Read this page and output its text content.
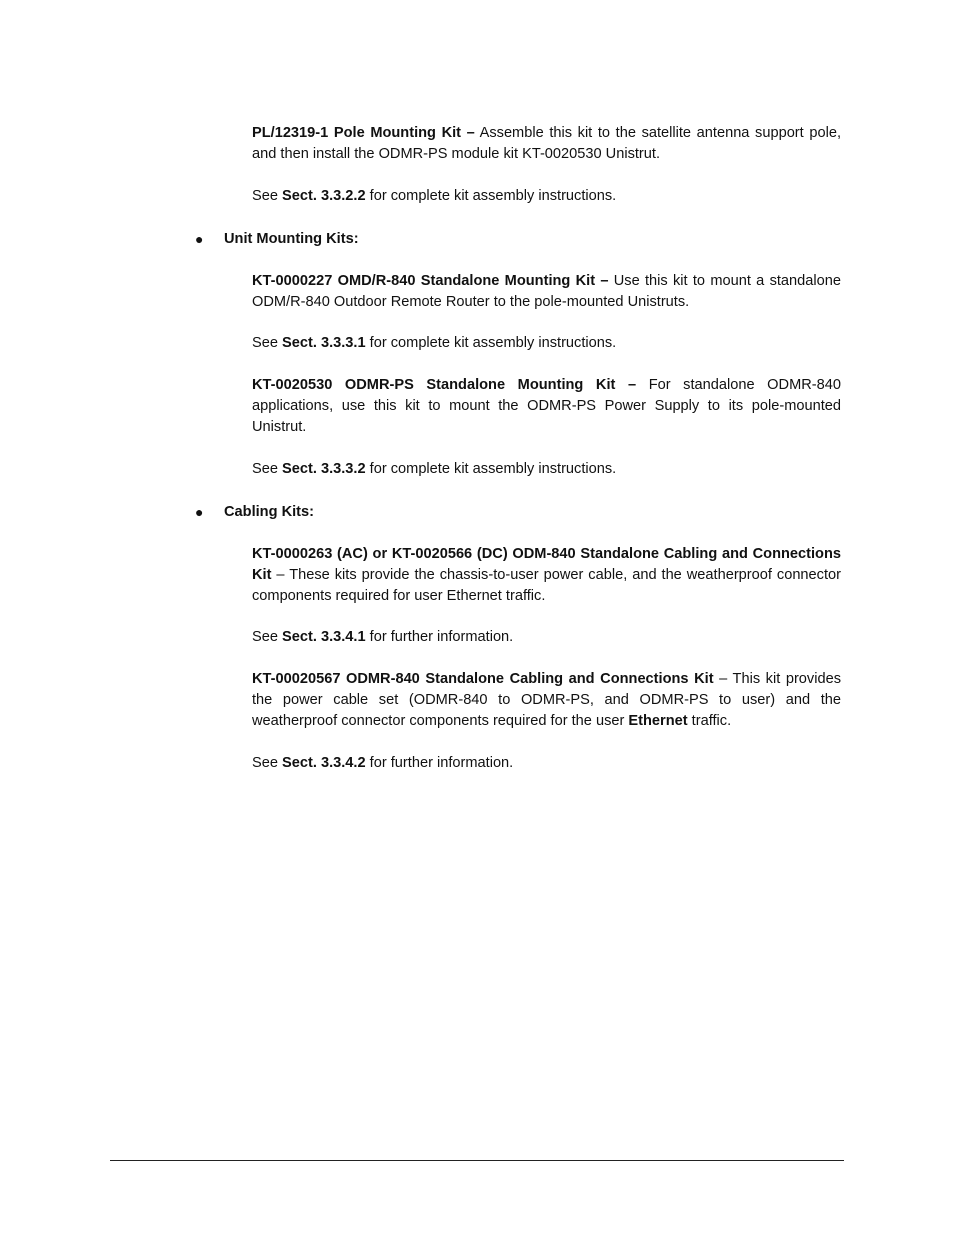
PL/12319-1 Pole Mounting Kit – Assemble this kit to the satellite antenna support pole, and then install the ODMR-PS module kit KT-0020530 Unistrut.

See Sect. 3.3.2.2 for complete kit assembly instructions.

●	Unit Mounting Kits:

KT-0000227 OMD/R-840 Standalone Mounting Kit – Use this kit to mount a standalone ODM/R-840 Outdoor Remote Router to the pole-mounted Unistruts.

See Sect. 3.3.3.1 for complete kit assembly instructions.

KT-0020530 ODMR-PS Standalone Mounting Kit – For standalone ODMR-840 applications, use this kit to mount the ODMR-PS Power Supply to its pole-mounted Unistrut.

See Sect. 3.3.3.2 for complete kit assembly instructions.

●	Cabling Kits:

KT-0000263 (AC) or KT-0020566 (DC) ODM-840 Standalone Cabling and Connections Kit – These kits provide the chassis-to-user power cable, and the weatherproof connector components required for user Ethernet traffic.

See Sect. 3.3.4.1 for further information.

KT-00020567 ODMR-840 Standalone Cabling and Connections Kit – This kit provides the power cable set (ODMR-840 to ODMR-PS, and ODMR-PS to user) and the weatherproof connector components required for the user Ethernet traffic.

See Sect. 3.3.4.2 for further information.
